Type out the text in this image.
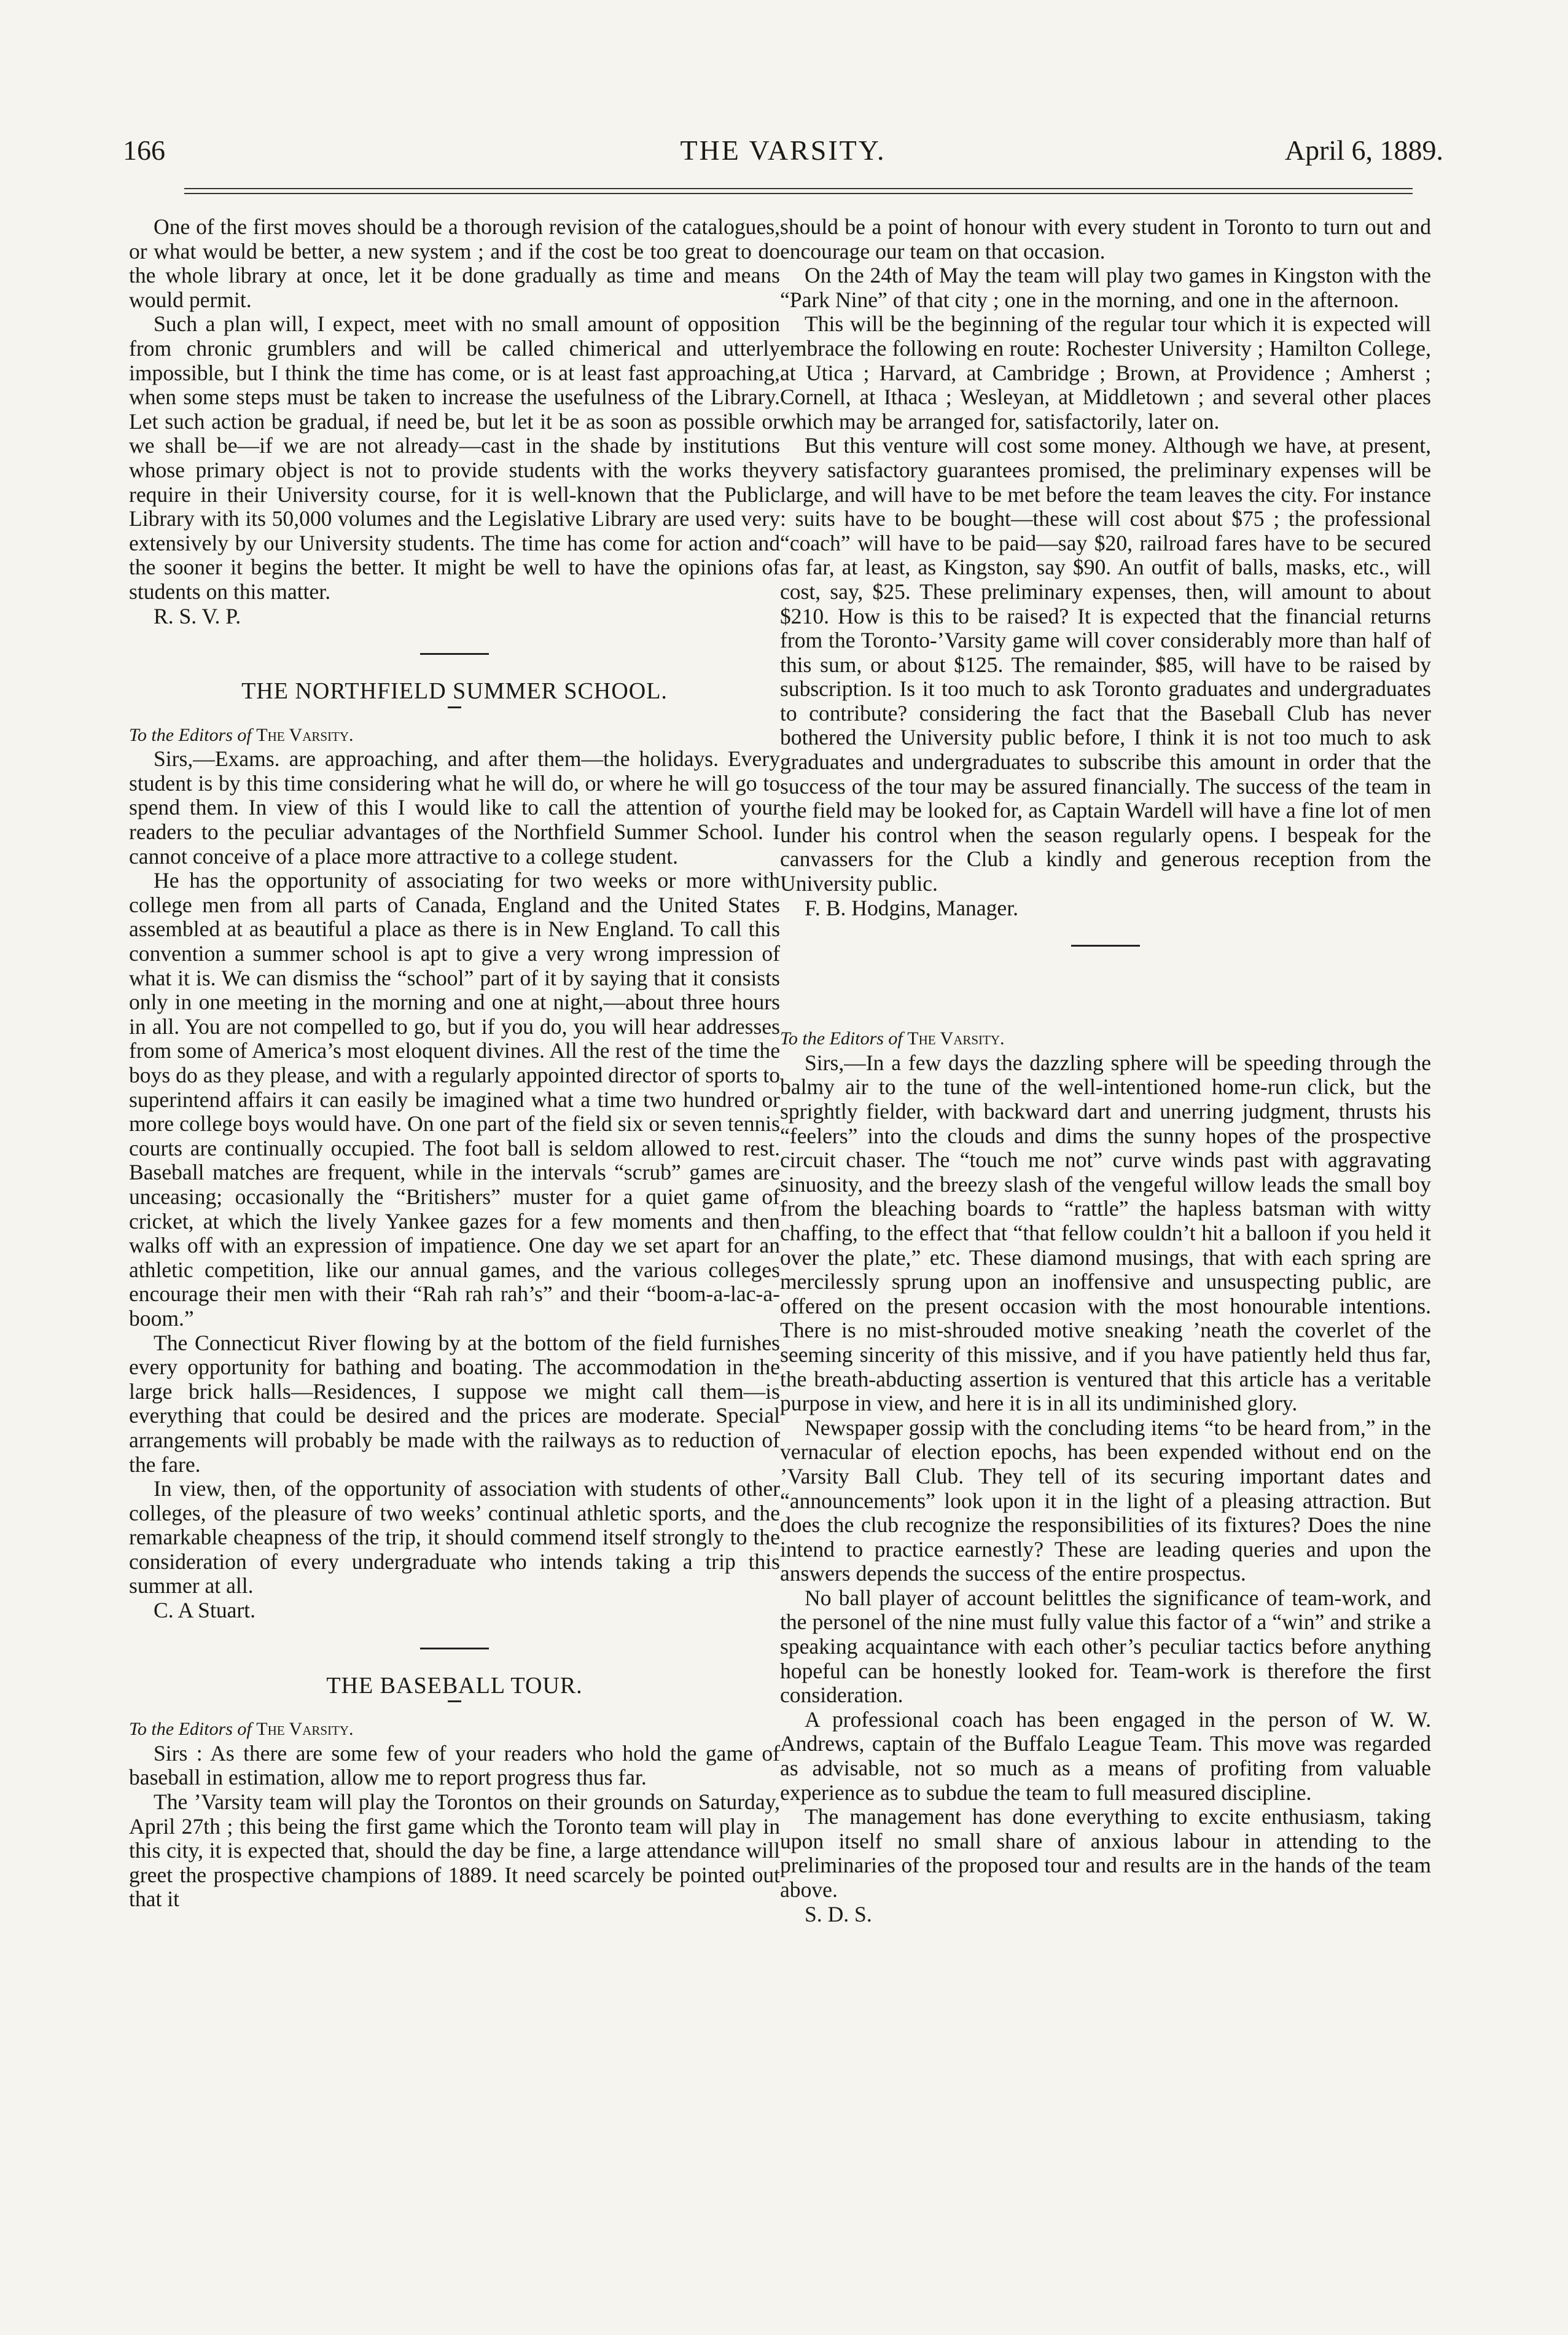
166	THE VARSITY.	April 6, 1889.

One of the first moves should be a thorough revision of the catalogues, or what would be better, a new system ; and if the cost be too great to do the whole library at once, let it be done gradually as time and means would permit.

Such a plan will, I expect, meet with no small amount of opposition from chronic grumblers and will be called chimerical and utterly impossible, but I think the time has come, or is at least fast approaching, when some steps must be taken to increase the usefulness of the Library. Let such action be gradual, if need be, but let it be as soon as possible or we shall be—if we are not already—cast in the shade by institutions whose primary object is not to provide students with the works they require in their University course, for it is well-known that the Public Library with its 50,000 volumes and the Legislative Library are used very extensively by our University students. The time has come for action and the sooner it begins the better. It might be well to have the opinions of students on this matter.

R. S. V. P.

THE NORTHFIELD SUMMER SCHOOL.

To the Editors of The Varsity.

Sirs,—Exams. are approaching, and after them—the holidays. Every student is by this time considering what he will do, or where he will go to spend them. In view of this I would like to call the attention of your readers to the peculiar advantages of the Northfield Summer School. I cannot conceive of a place more attractive to a college student.

He has the opportunity of associating for two weeks or more with college men from all parts of Canada, England and the United States assembled at as beautiful a place as there is in New England. To call this convention a summer school is apt to give a very wrong impression of what it is. We can dismiss the “school” part of it by saying that it consists only in one meeting in the morning and one at night,—about three hours in all. You are not compelled to go, but if you do, you will hear addresses from some of America’s most eloquent divines. All the rest of the time the boys do as they please, and with a regularly appointed director of sports to superintend affairs it can easily be imagined what a time two hundred or more college boys would have. On one part of the field six or seven tennis courts are continually occupied. The foot ball is seldom allowed to rest. Baseball matches are frequent, while in the intervals “scrub” games are unceasing; occasionally the “Britishers” muster for a quiet game of cricket, at which the lively Yankee gazes for a few moments and then walks off with an expression of impatience. One day we set apart for an athletic competition, like our annual games, and the various colleges encourage their men with their “Rah rah rah’s” and their “boom-a-lac-a-boom.”

The Connecticut River flowing by at the bottom of the field furnishes every opportunity for bathing and boating. The accommodation in the large brick halls—Residences, I suppose we might call them—is everything that could be desired and the prices are moderate. Special arrangements will probably be made with the railways as to reduction of the fare.

In view, then, of the opportunity of association with students of other colleges, of the pleasure of two weeks’ continual athletic sports, and the remarkable cheapness of the trip, it should commend itself strongly to the consideration of every undergraduate who intends taking a trip this summer at all.

C. A Stuart.

THE BASEBALL TOUR.

To the Editors of The Varsity.

Sirs : As there are some few of your readers who hold the game of baseball in estimation, allow me to report progress thus far.

The ’Varsity team will play the Torontos on their grounds on Saturday, April 27th ; this being the first game which the Toronto team will play in this city, it is expected that, should the day be fine, a large attendance will greet the prospective champions of 1889. It need scarcely be pointed out that it

should be a point of honour with every student in Toronto to turn out and encourage our team on that occasion.

On the 24th of May the team will play two games in Kingston with the “Park Nine” of that city ; one in the morning, and one in the afternoon.

This will be the beginning of the regular tour which it is expected will embrace the following en route: Rochester University ; Hamilton College, at Utica ; Harvard, at Cambridge ; Brown, at Providence ; Amherst ; Cornell, at Ithaca ; Wesleyan, at Middletown ; and several other places which may be arranged for, satisfactorily, later on.

But this venture will cost some money. Although we have, at present, very satisfactory guarantees promised, the preliminary expenses will be large, and will have to be met before the team leaves the city. For instance : suits have to be bought—these will cost about $75 ; the professional “coach” will have to be paid—say $20, railroad fares have to be secured as far, at least, as Kingston, say $90. An outfit of balls, masks, etc., will cost, say, $25. These preliminary expenses, then, will amount to about $210. How is this to be raised? It is expected that the financial returns from the Toronto-’Varsity game will cover considerably more than half of this sum, or about $125. The remainder, $85, will have to be raised by subscription. Is it too much to ask Toronto graduates and undergraduates to contribute? considering the fact that the Baseball Club has never bothered the University public before, I think it is not too much to ask graduates and undergraduates to subscribe this amount in order that the success of the tour may be assured financially. The success of the team in the field may be looked for, as Captain Wardell will have a fine lot of men under his control when the season regularly opens. I bespeak for the canvassers for the Club a kindly and generous reception from the University public.

F. B. Hodgins, Manager.

To the Editors of The Varsity.

Sirs,—In a few days the dazzling sphere will be speeding through the balmy air to the tune of the well-intentioned home-run click, but the sprightly fielder, with backward dart and unerring judgment, thrusts his “feelers” into the clouds and dims the sunny hopes of the prospective circuit chaser. The “touch me not” curve winds past with aggravating sinuosity, and the breezy slash of the vengeful willow leads the small boy from the bleaching boards to “rattle” the hapless batsman with witty chaffing, to the effect that “that fellow couldn’t hit a balloon if you held it over the plate,” etc. These diamond musings, that with each spring are mercilessly sprung upon an inoffensive and unsuspecting public, are offered on the present occasion with the most honourable intentions. There is no mist-shrouded motive sneaking ’neath the coverlet of the seeming sincerity of this missive, and if you have patiently held thus far, the breath-abducting assertion is ventured that this article has a veritable purpose in view, and here it is in all its undiminished glory.

Newspaper gossip with the concluding items “to be heard from,” in the vernacular of election epochs, has been expended without end on the ’Varsity Ball Club. They tell of its securing important dates and “announcements” look upon it in the light of a pleasing attraction. But does the club recognize the responsibilities of its fixtures? Does the nine intend to practice earnestly? These are leading queries and upon the answers depends the success of the entire prospectus.

No ball player of account belittles the significance of team-work, and the personel of the nine must fully value this factor of a “win” and strike a speaking acquaintance with each other’s peculiar tactics before anything hopeful can be honestly looked for. Team-work is therefore the first consideration.

A professional coach has been engaged in the person of W. W. Andrews, captain of the Buffalo League Team. This move was regarded as advisable, not so much as a means of profiting from valuable experience as to subdue the team to full measured discipline.

The management has done everything to excite enthusiasm, taking upon itself no small share of anxious labour in attending to the preliminaries of the proposed tour and results are in the hands of the team above.

S. D. S.
